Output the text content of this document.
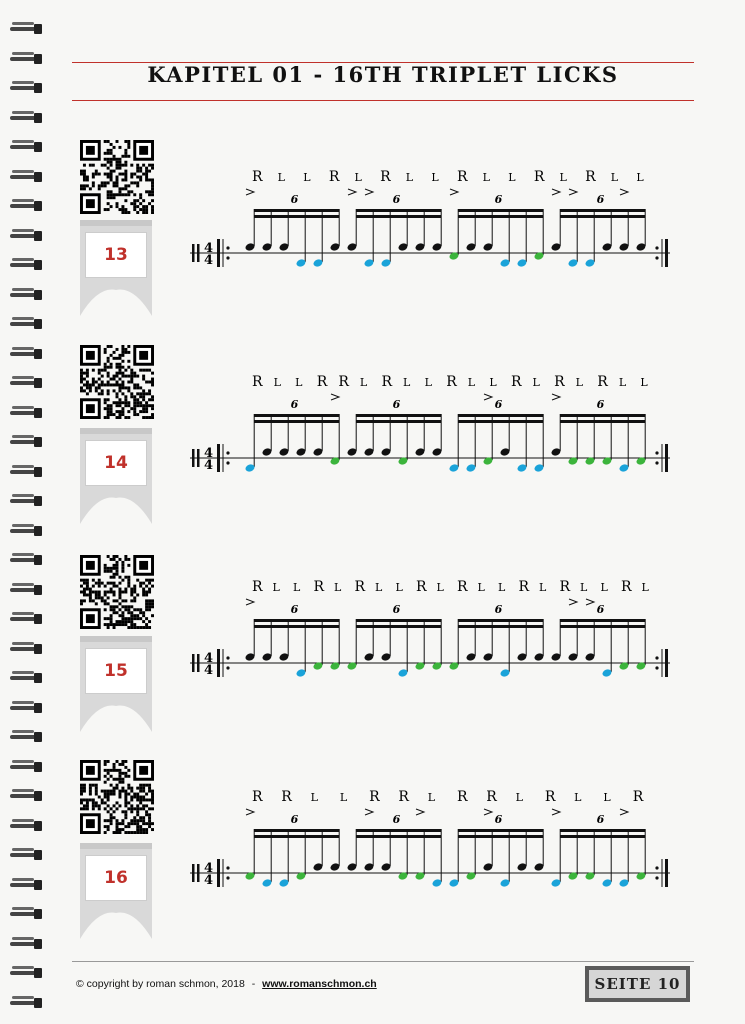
KAPITEL 01 - 16TH TRIPLET LICKS
13	4
4
6	6	6	6
R L L R L R L L R L L R L R L L
14	4
4
6	6	6	6
R L L R R L R L L R L L R L R L R L L
15
4
4
6	6	6	6
R L L R L R L L R L R L L R L R L L R L
16	4
4
6	6	6	6
R R L L R R L R R L R L L R
© copyright by roman schmon, 2018 - www.romanschmon.ch	SEITE 10
